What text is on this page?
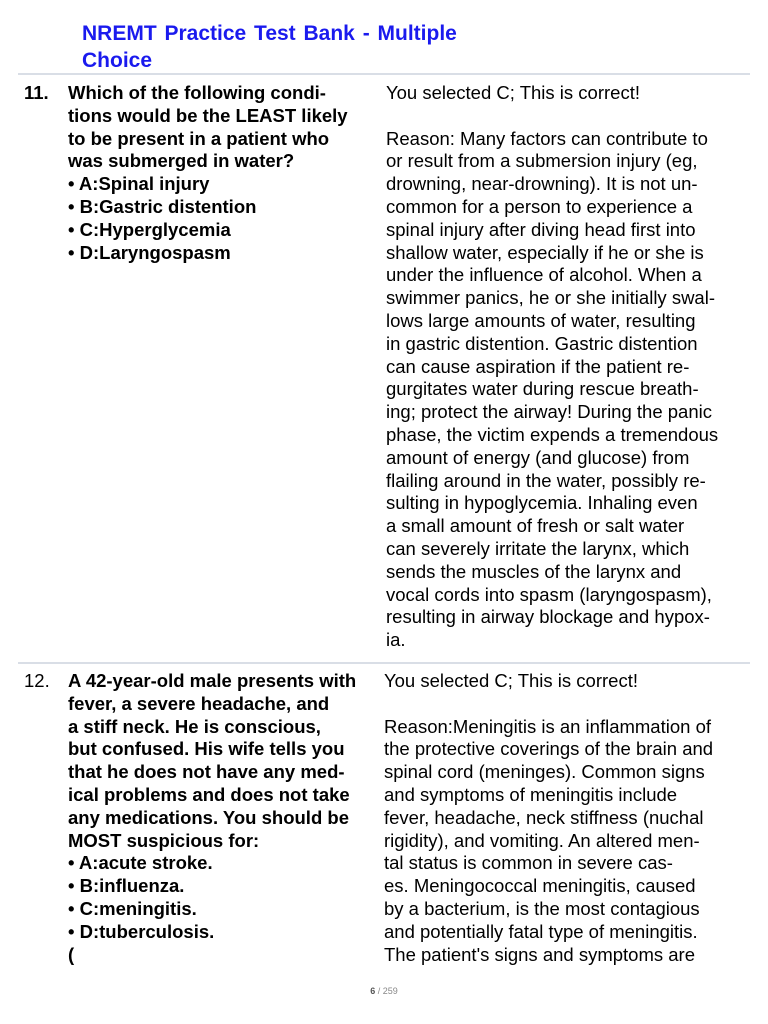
NREMT Practice Test Bank - Multiple
Choice
11. Which of the following condi-
tions would be the LEAST likely
to be present in a patient who
was submerged in water?
• A:Spinal injury
• B:Gastric distention
• C:Hyperglycemia
• D:Laryngospasm
You selected C; This is correct!
Reason: Many factors can contribute to
or result from a submersion injury (eg,
drowning, near-drowning). It is not un-
common for a person to experience a
spinal injury after diving head first into
shallow water, especially if he or she is
under the influence of alcohol. When a
swimmer panics, he or she initially swal-
lows large amounts of water, resulting
in gastric distention. Gastric distention
can cause aspiration if the patient re-
gurgitates water during rescue breath-
ing; protect the airway! During the panic
phase, the victim expends a tremendous
amount of energy (and glucose) from
flailing around in the water, possibly re-
sulting in hypoglycemia. Inhaling even
a small amount of fresh or salt water
can severely irritate the larynx, which
sends the muscles of the larynx and
vocal cords into spasm (laryngospasm),
resulting in airway blockage and hypox-
ia.
12. A 42-year-old male presents with
fever, a severe headache, and
a stiff neck. He is conscious,
but confused. His wife tells you
that he does not have any med-
ical problems and does not take
any medications. You should be
MOST suspicious for:
• A:acute stroke.
• B:influenza.
• C:meningitis.
• D:tuberculosis.
(
You selected C; This is correct!
Reason:Meningitis is an inflammation of
the protective coverings of the brain and
spinal cord (meninges). Common signs
and symptoms of meningitis include
fever, headache, neck stiffness (nuchal
rigidity), and vomiting. An altered men-
tal status is common in severe cas-
es. Meningococcal meningitis, caused
by a bacterium, is the most contagious
and potentially fatal type of meningitis.
The patient's signs and symptoms are
6 / 259
